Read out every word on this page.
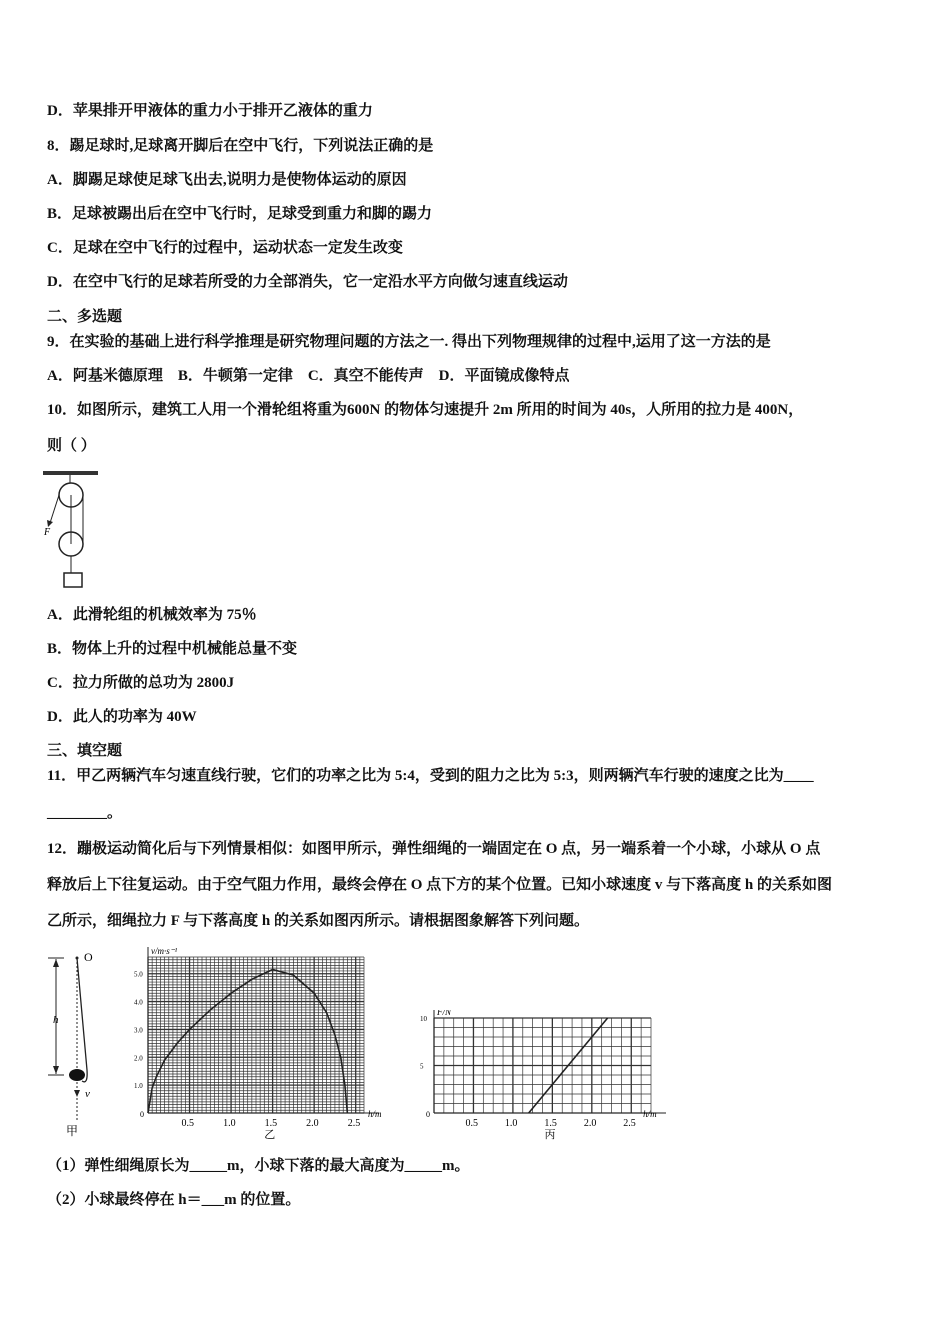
D．苹果排开甲液体的重力小于排开乙液体的重力
8．踢足球时,足球离开脚后在空中飞行，下列说法正确的是
A．脚踢足球使足球飞出去,说明力是使物体运动的原因
B．足球被踢出后在空中飞行时，足球受到重力和脚的踢力
C．足球在空中飞行的过程中，运动状态一定发生改变
D．在空中飞行的足球若所受的力全部消失，它一定沿水平方向做匀速直线运动
二、多选题
9．在实验的基础上进行科学推理是研究物理问题的方法之一. 得出下列物理规律的过程中,运用了这一方法的是
A．阿基米德原理　B．牛顿第一定律　C．真空不能传声　D．平面镜成像特点
10．如图所示，建筑工人用一个滑轮组将重为600N 的物体匀速提升 2m 所用的时间为 40s，人所用的拉力是 400N，
则（ ）
F
A．此滑轮组的机械效率为 75％
B．物体上升的过程中机械能总量不变
C．拉力所做的总功为 2800J
D．此人的功率为 40W
三、填空题
11．甲乙两辆汽车匀速直线行驶，它们的功率之比为 5:4，受到的阻力之比为 5:3，则两辆汽车行驶的速度之比为____
________。
12．蹦极运动简化后与下列情景相似：如图甲所示，弹性细绳的一端固定在 O 点，另一端系着一个小球，小球从 O 点
释放后上下往复运动。由于空气阻力作用，最终会停在 O 点下方的某个位置。已知小球速度 v 与下落高度 h 的关系如图
乙所示，细绳拉力 F 与下落高度 h 的关系如图丙所示。请根据图象解答下列问题。
h
O
v
甲
0
0.5	1.0	1.5	2.0	2.5
1.0
2.0
3.0
4.0
5.0
h/m
v/m·s⁻¹
乙
0
0.5	1.0	1.5	2.0	2.5
5
10
h/m
F/N
丙
（1）弹性细绳原长为_____m，小球下落的最大高度为_____m。
（2）小球最终停在 h＝___m 的位置。
